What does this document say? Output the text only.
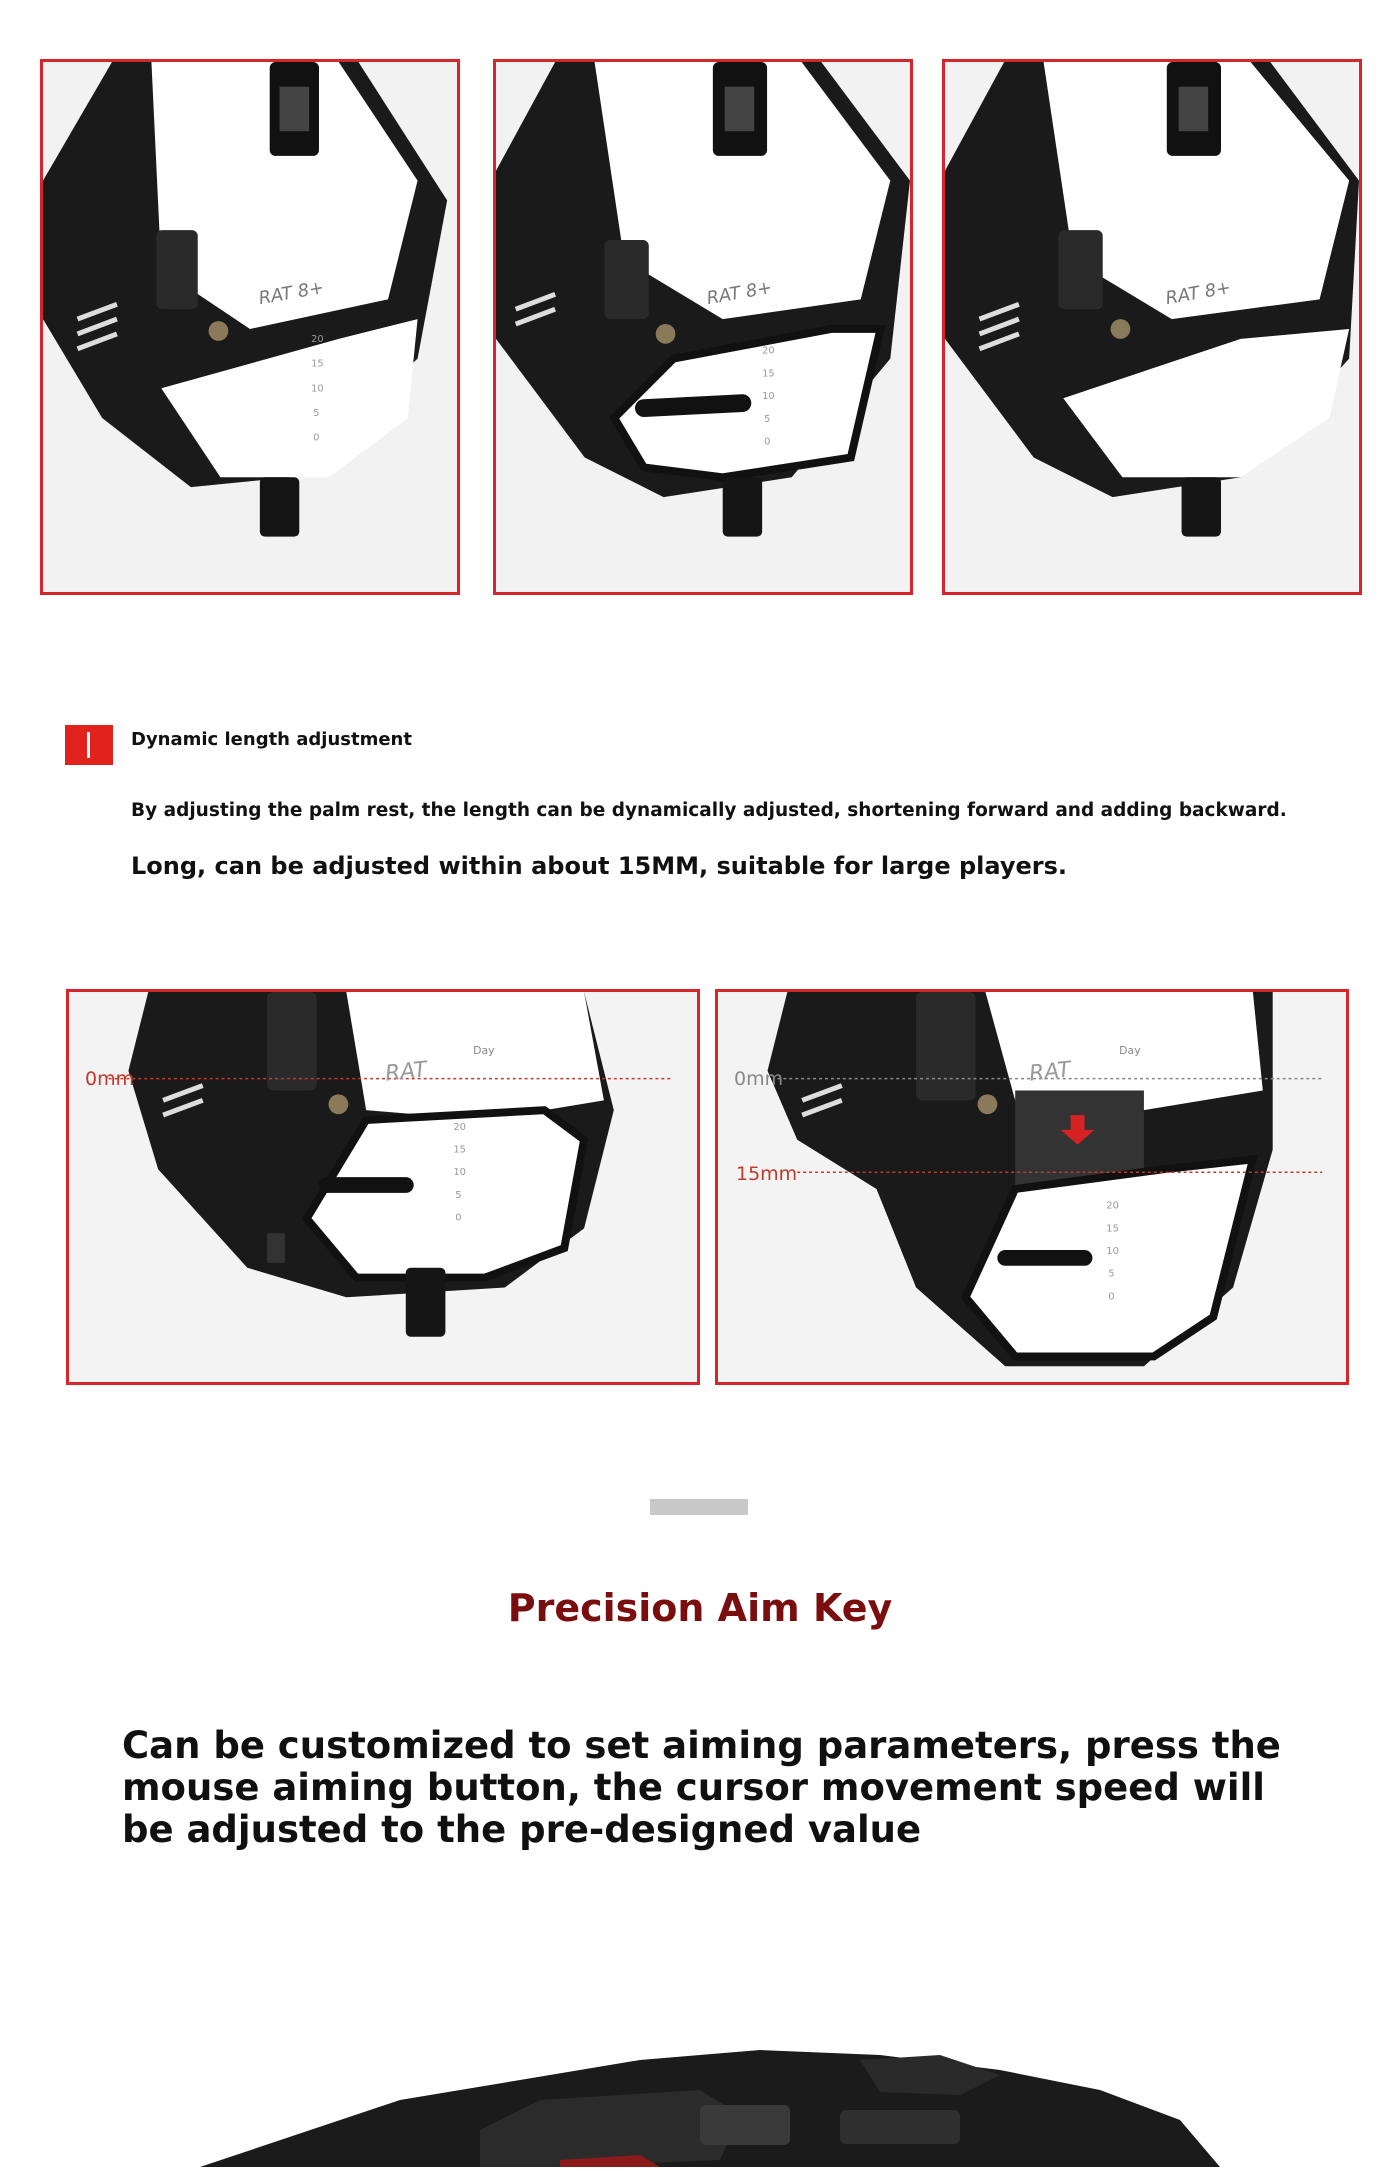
RAT 8+
20
15
10
5
0
RAT 8+
20
15
10
5
0
RAT 8+
Dynamic length adjustment
By adjusting the palm rest, the length can be dynamically adjusted, shortening forward and adding backward.
Long, can be adjusted within about 15MM, suitable for large players.
RAT
Day
20
15
10
5
0
0mm	RAT
Day
20
15
10
5
0
0mm
15mm
Precision Aim Key
Can be customized to set aiming parameters, press the mouse aiming button, the cursor movement speed will be adjusted to the pre-designed value
